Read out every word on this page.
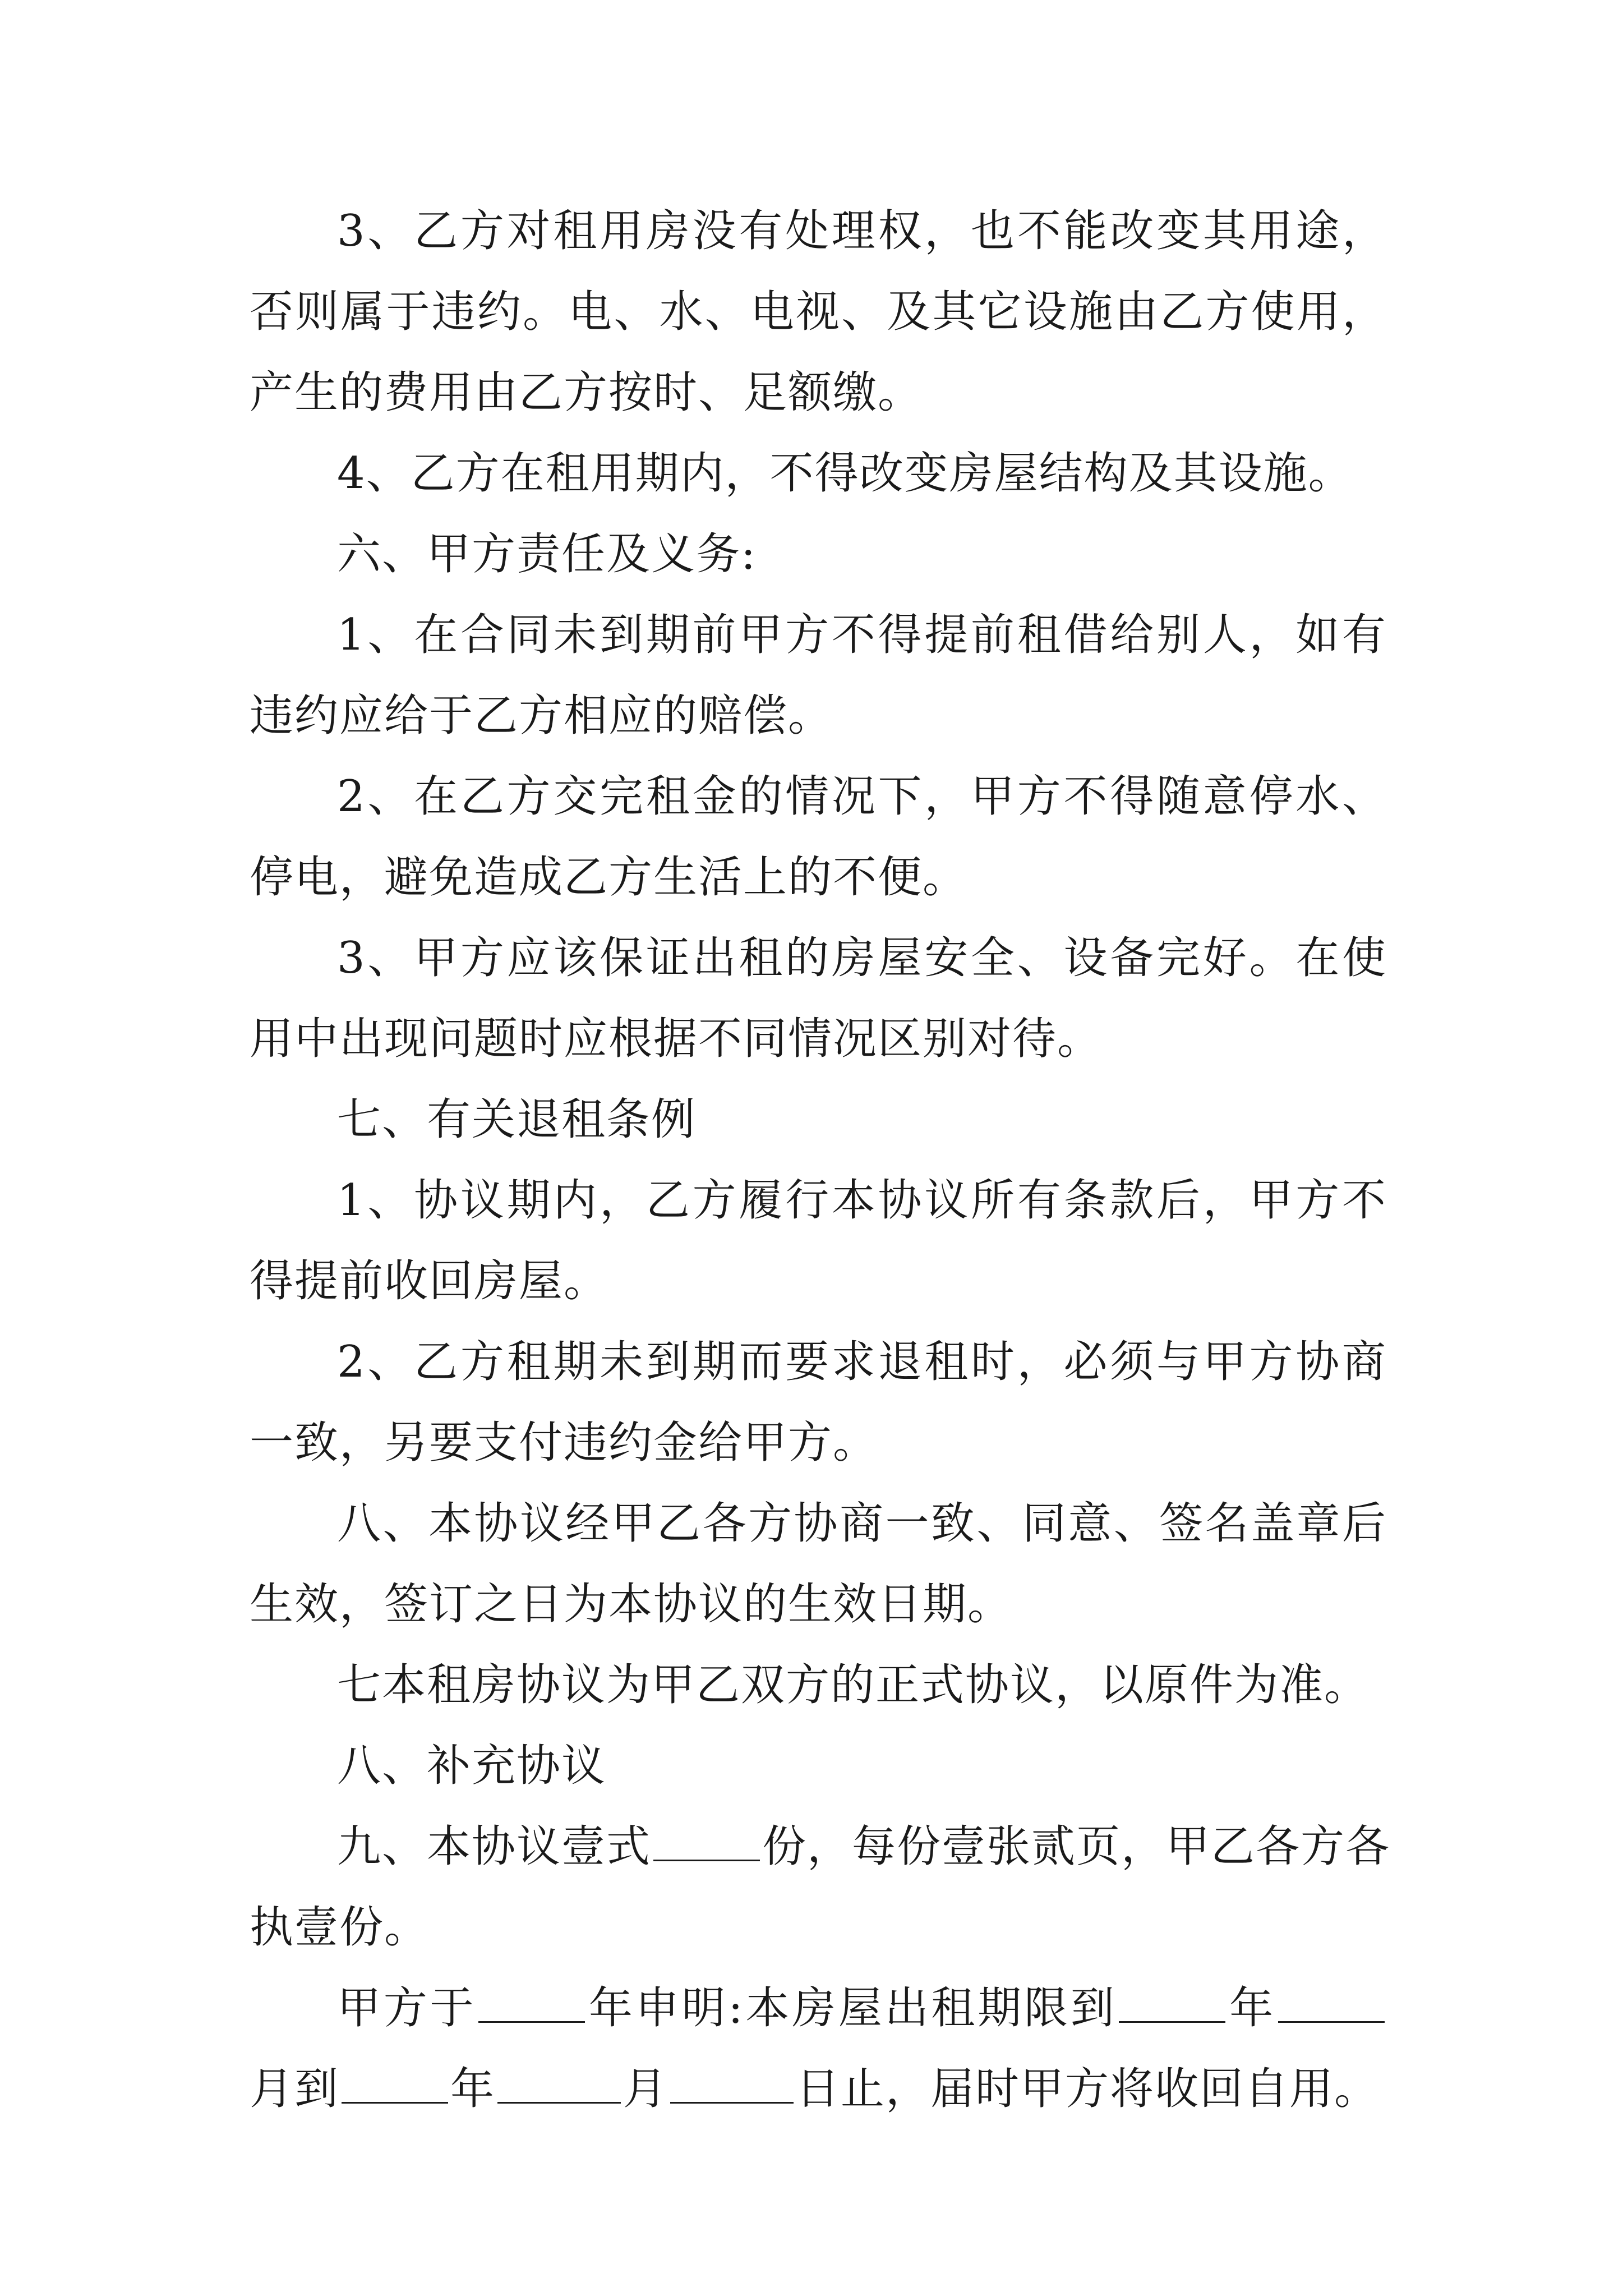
3、乙方对租用房没有处理权，也不能改变其用途，否则属于违约。电、水、电视、及其它设施由乙方使用，产生的费用由乙方按时、足额缴。

4、乙方在租用期内，不得改变房屋结构及其设施。

六、甲方责任及义务:

1、在合同未到期前甲方不得提前租借给别人，如有违约应给于乙方相应的赔偿。

2、在乙方交完租金的情况下，甲方不得随意停水、停电，避免造成乙方生活上的不便。

3、甲方应该保证出租的房屋安全、设备完好。在使用中出现问题时应根据不同情况区别对待。

七、有关退租条例

1、协议期内，乙方履行本协议所有条款后，甲方不得提前收回房屋。

2、乙方租期未到期而要求退租时，必须与甲方协商一致，另要支付违约金给甲方。

八、本协议经甲乙各方协商一致、同意、签名盖章后生效，签订之日为本协议的生效日期。

七本租房协议为甲乙双方的正式协议，以原件为准。

八、补充协议

九、本协议壹式	份，每份壹张贰页，甲乙各方各

执壹份。

甲方于	年申明:本房屋出租期限到	年

月到	年	月	日止，届时甲方将收回自用。
